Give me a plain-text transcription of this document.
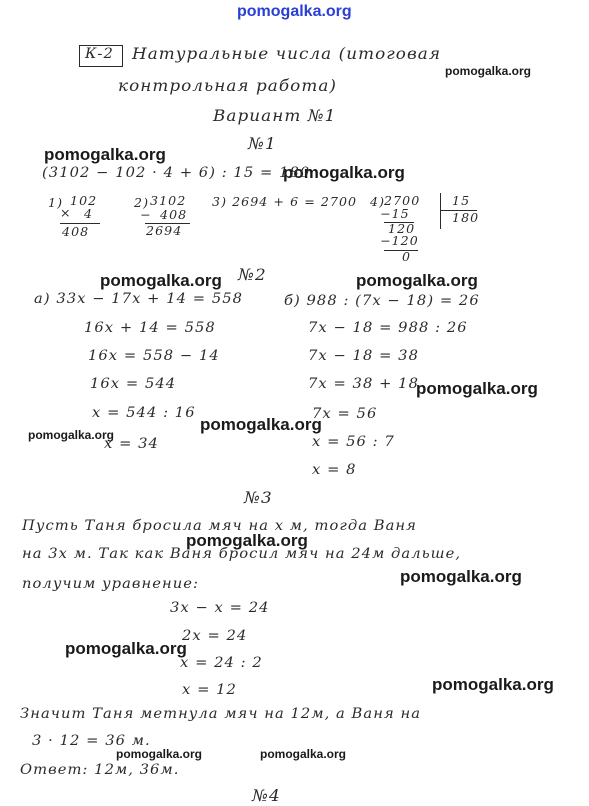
pomogalka.org
К-2 Натуральные числа (итоговая
контрольная работа)
pomogalka.org
Вариант №1
№1
pomogalka.org
pomogalka.org
(3102 − 102 · 4 + 6) : 15 = 180
1) 102
× 4
408
2) 3102
− 408
2694
3) 2694 + 6 = 2700 4)
2700	15
180
−15
120
−120
0
pomogalka.org №2	pomogalka.org
а) 33x − 17x + 14 = 558
16x + 14 = 558
16x = 558 − 14
16x = 544
x = 544 : 16
x = 34
б) 988 : (7x − 18) = 26
7x − 18 = 988 : 26
7x − 18 = 38
7x = 38 + 18
7x = 56
x = 56 : 7
x = 8
pomogalka.org
pomogalka.org
pomogalka.org
№3
Пусть Таня бросила мяч на x м, тогда Ваня
pomogalka.org
на 3x м. Так как Ваня бросил мяч на 24м дальше,
pomogalka.org
получим уравнение:
3x − x = 24
2x = 24
pomogalka.org
x = 24 : 2
pomogalka.org
x = 12
Значит Таня метнула мяч на 12м, а Ваня на
3 · 12 = 36 м.
pomogalka.org	pomogalka.org
Ответ: 12м, 36м.
№4
